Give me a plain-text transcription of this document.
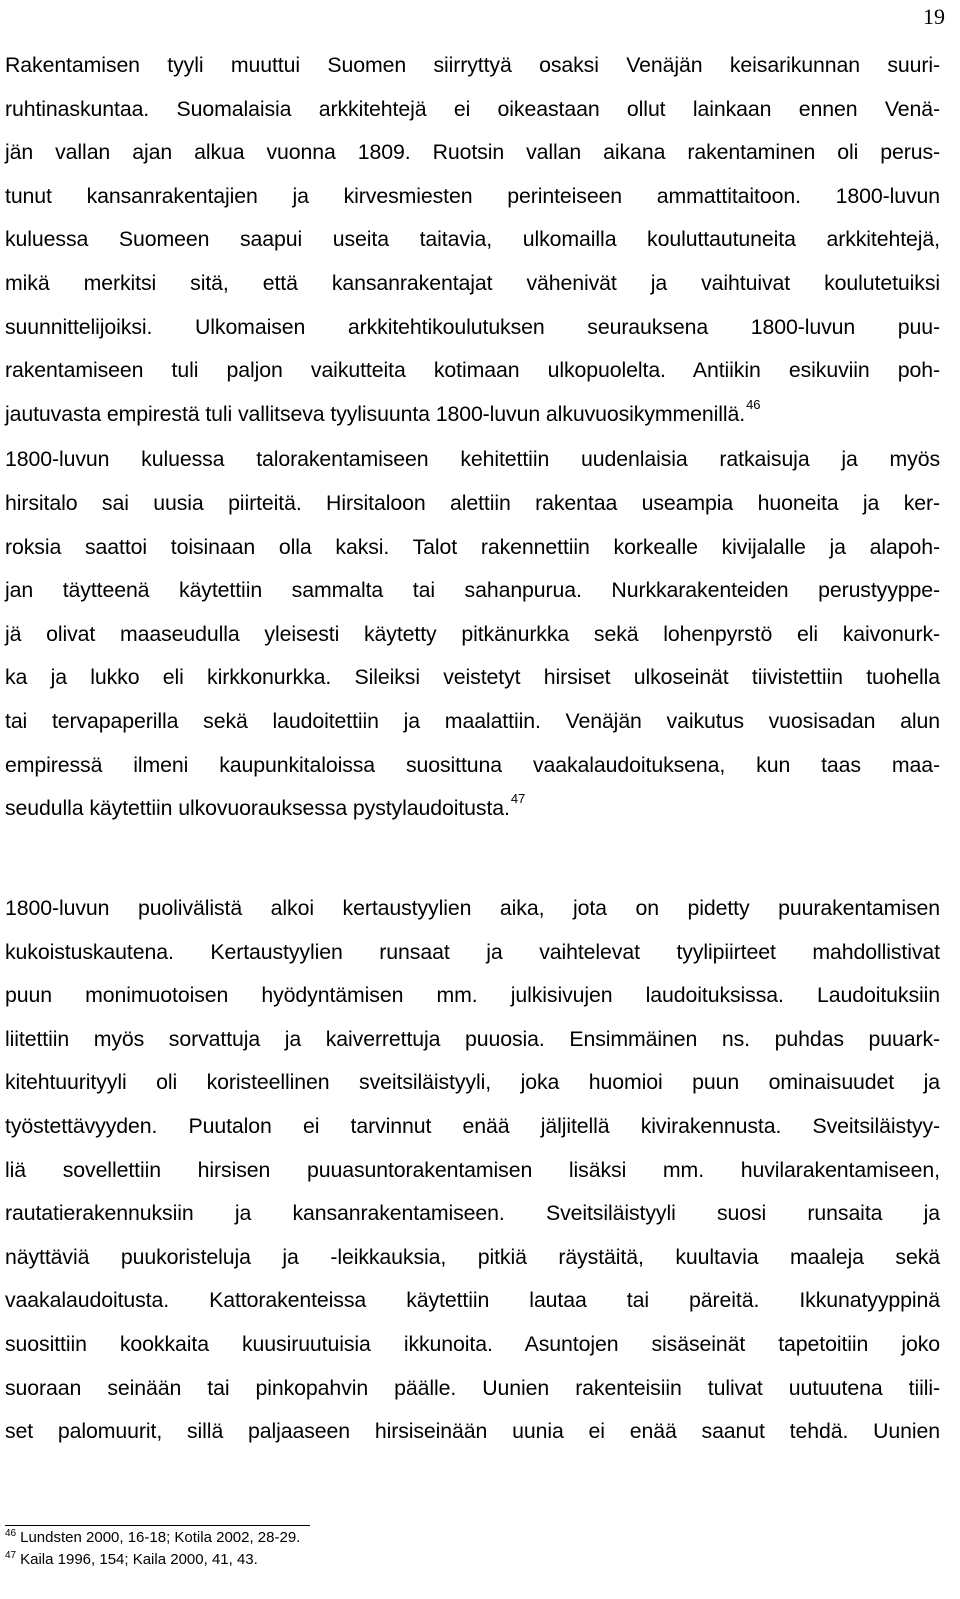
19
Rakentamisen tyyli muuttui Suomen siirryttyä osaksi Venäjän keisarikunnan suuri-
ruhtinaskuntaa. Suomalaisia arkkitehtejä ei oikeastaan ollut lainkaan ennen Venä-
jän vallan ajan alkua vuonna 1809. Ruotsin vallan aikana rakentaminen oli perus-
tunut kansanrakentajien ja kirvesmiesten perinteiseen ammattitaitoon. 1800-luvun
kuluessa Suomeen saapui useita taitavia, ulkomailla kouluttautuneita arkkitehtejä,
mikä merkitsi sitä, että kansanrakentajat vähenivät ja vaihtuivat koulutetuiksi
suunnittelijoiksi. Ulkomaisen arkkitehtikoulutuksen seurauksena 1800-luvun puu-
rakentamiseen tuli paljon vaikutteita kotimaan ulkopuolelta. Antiikin esikuviin poh-
jautuvasta empirestä tuli vallitseva tyylisuunta 1800-luvun alkuvuosikymmenillä.$^{46}$
1800-luvun kuluessa talorakentamiseen kehitettiin uudenlaisia ratkaisuja ja myös
hirsitalo sai uusia piirteitä. Hirsitaloon alettiin rakentaa useampia huoneita ja ker-
roksia saattoi toisinaan olla kaksi. Talot rakennettiin korkealle kivijalalle ja alapoh-
jan täytteenä käytettiin sammalta tai sahanpurua. Nurkkarakenteiden perustyyppe-
jä olivat maaseudulla yleisesti käytetty pitkänurkka sekä lohenpyrstö eli kaivonurk-
ka ja lukko eli kirkkonurkka. Sileiksi veistetyt hirsiset ulkoseinät tiivistettiin tuohella
tai tervapaperilla sekä laudoitettiin ja maalattiin. Venäjän vaikutus vuosisadan alun
empiressä ilmeni kaupunkitaloissa suosittuna vaakalaudoituksena, kun taas maa-
seudulla käytettiin ulkovuorauksessa pystylaudoitusta.$^{47}$
1800-luvun puolivälistä alkoi kertaustyylien aika, jota on pidetty puurakentamisen
kukoistuskautena. Kertaustyylien runsaat ja vaihtelevat tyylipiirteet mahdollistivat
puun monimuotoisen hyödyntämisen mm. julkisivujen laudoituksissa. Laudoituksiin
liitettiin myös sorvattuja ja kaiverrettuja puuosia. Ensimmäinen ns. puhdas puuark-
kitehtuurityyli oli koristeellinen sveitsiläistyyli, joka huomioi puun ominaisuudet ja
työstettävyyden. Puutalon ei tarvinnut enää jäljitellä kivirakennusta. Sveitsiläistyy-
liä sovellettiin hirsisen puuasuntorakentamisen lisäksi mm. huvilarakentamiseen,
rautatierakennuksiin ja kansanrakentamiseen. Sveitsiläistyyli suosi runsaita ja
näyttäviä puukoristeluja ja -leikkauksia, pitkiä räystäitä, kuultavia maaleja sekä
vaakalaudoitusta. Kattorakenteissa käytettiin lautaa tai päreitä. Ikkunatyyppinä
suosittiin kookkaita kuusiruutuisia ikkunoita. Asuntojen sisäseinät tapetoitiin joko
suoraan seinään tai pinkopahvin päälle. Uunien rakenteisiin tulivat uutuutena tiili-
set palomuurit, sillä paljaaseen hirsiseinään uunia ei enää saanut tehdä. Uunien
$^{46}$ Lundsten 2000, 16-18; Kotila 2002, 28-29.
$^{47}$ Kaila 1996, 154; Kaila 2000, 41, 43.
